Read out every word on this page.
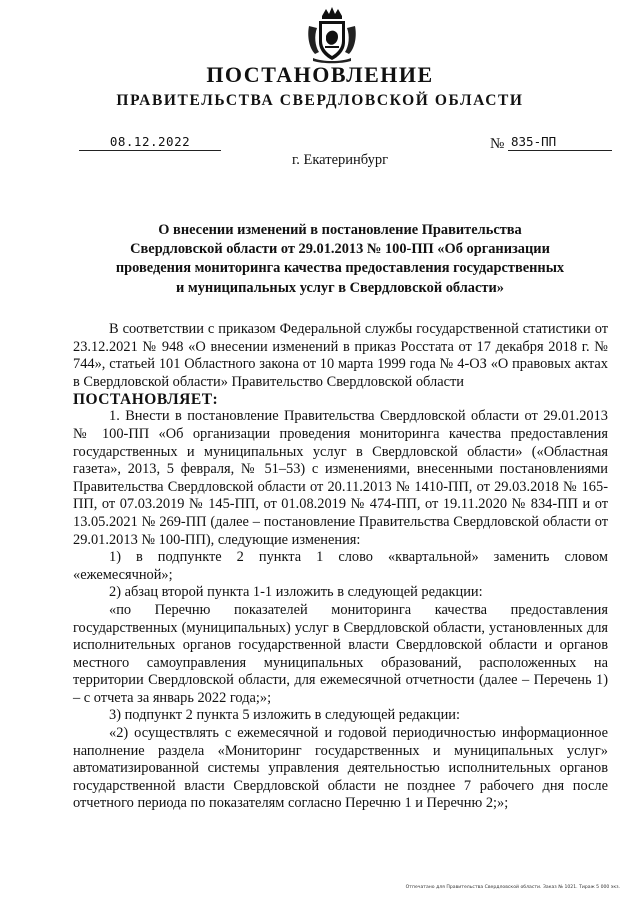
ПОСТАНОВЛЕНИЕ
ПРАВИТЕЛЬСТВА СВЕРДЛОВСКОЙ ОБЛАСТИ
08.12.2022	№ 835-ПП
г. Екатеринбург
О внесении изменений в постановление Правительства
Свердловской области от 29.01.2013 № 100-ПП «Об организации
проведения мониторинга качества предоставления государственных
и муниципальных услуг в Свердловской области»

В соответствии с приказом Федеральной службы государственной статистики от 23.12.2021 № 948 «О внесении изменений в приказ Росстата от 17 декабря 2018 г. № 744», статьей 101 Областного закона от 10 марта 1999 года № 4-ОЗ «О правовых актах в Свердловской области» Правительство Свердловской области

ПОСТАНОВЛЯЕТ:

1. Внести в постановление Правительства Свердловской области от 29.01.2013 № 100-ПП «Об организации проведения мониторинга качества предоставления государственных и муниципальных услуг в Свердловской области» («Областная газета», 2013, 5 февраля, № 51–53) с изменениями, внесенными постановлениями Правительства Свердловской области от 20.11.2013 № 1410-ПП, от 29.03.2018 № 165-ПП, от 07.03.2019 № 145-ПП, от 01.08.2019 № 474-ПП, от 19.11.2020 № 834-ПП и от 13.05.2021 № 269-ПП (далее – постановление Правительства Свердловской области от 29.01.2013 № 100-ПП), следующие изменения:

1) в подпункте 2 пункта 1 слово «квартальной» заменить словом «ежемесячной»;

2) абзац второй пункта 1-1 изложить в следующей редакции:

«по Перечню показателей мониторинга качества предоставления государственных (муниципальных) услуг в Свердловской области, установленных для исполнительных органов государственной власти Свердловской области и органов местного самоуправления муниципальных образований, расположенных на территории Свердловской области, для ежемесячной отчетности (далее – Перечень 1) – с отчета за январь 2022 года;»;

3) подпункт 2 пункта 5 изложить в следующей редакции:

«2) осуществлять с ежемесячной и годовой периодичностью информационное наполнение раздела «Мониторинг государственных и муниципальных услуг» автоматизированной системы управления деятельностью исполнительных органов государственной власти Свердловской области не позднее 7 рабочего дня после отчетного периода по показателям согласно Перечню 1 и Перечню 2;»;

Отпечатано для Правительства Свердловской области. Заказ № 1021. Тираж 5 000 экз.
